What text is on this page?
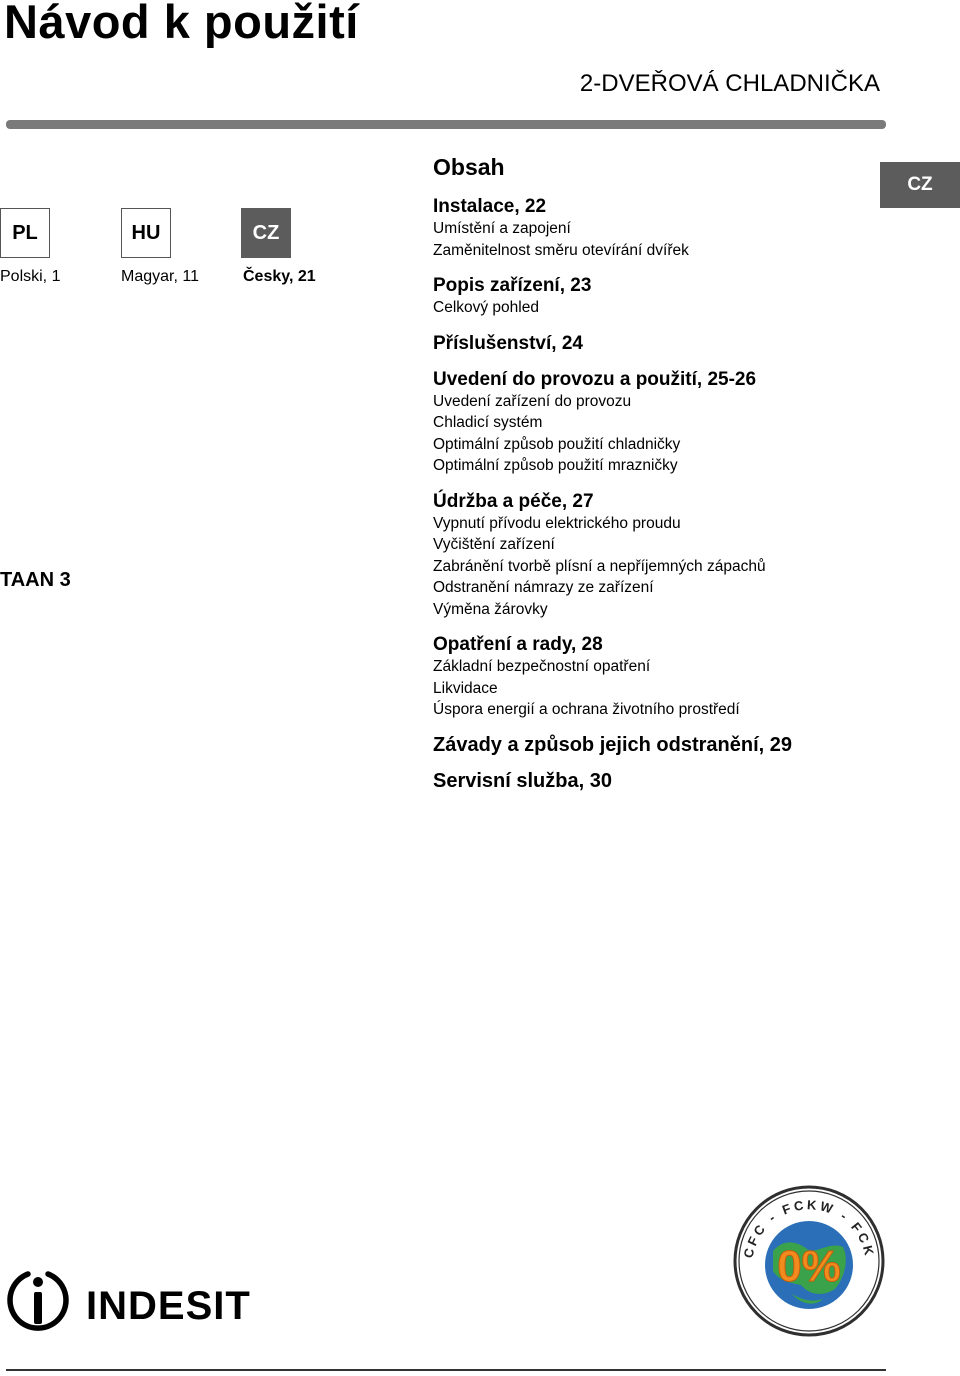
Návod k použití
2-DVEŘOVÁ CHLADNIČKA
CZ
PL	HU	CZ
Polski, 1	Magyar, 11	Česky, 21
TAAN 3
Obsah
Instalace, 22
Umístění a zapojení
Zaměnitelnost směru otevírání dvířek
Popis zařízení, 23
Celkový pohled
Příslušenství, 24
Uvedení do provozu a použití, 25-26
Uvedení zařízení do provozu
Chladicí systém
Optimální způsob použití chladničky
Optimální způsob použití mrazničky
Údržba a péče, 27
Vypnutí přívodu elektrického proudu
Vyčištění zařízení
Zabránění tvorbě plísní a nepříjemných zápachů
Odstranění námrazy ze zařízení
Výměna žárovky
Opatření a rady, 28
Základní bezpečnostní opatření
Likvidace
Úspora energií a ochrana životního prostředí
Závady a způsob jejich odstranění, 29
Servisní služba, 30
INDESIT
CFC - FCKW - FCK
0%
